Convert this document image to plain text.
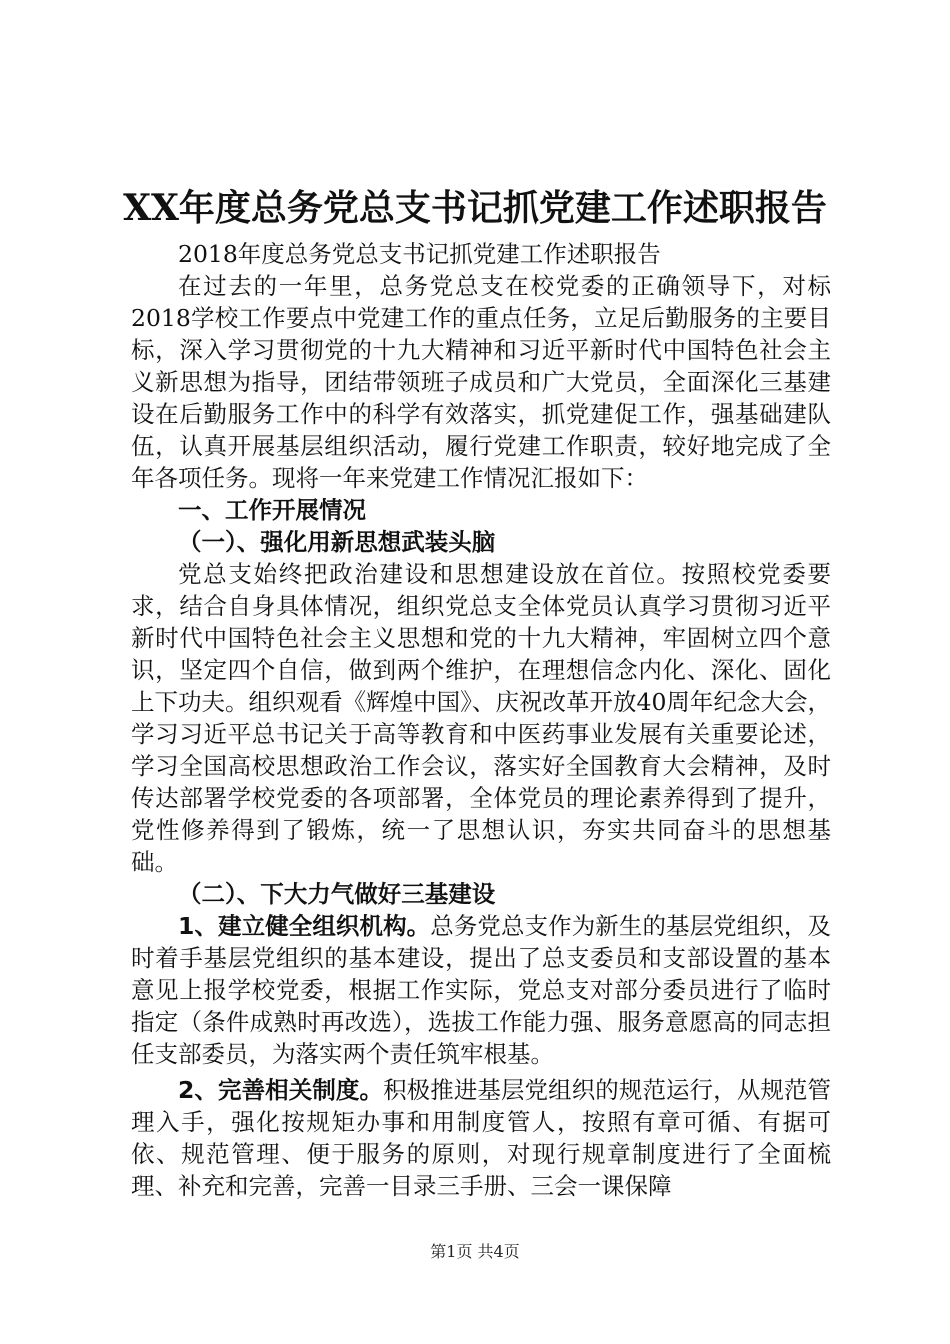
XX年度总务党总支书记抓党建工作述职报告

2018年度总务党总支书记抓党建工作述职报告

在过去的一年里，总务党总支在校党委的正确领导下，对标2018学校工作要点中党建工作的重点任务，立足后勤服务的主要目标，深入学习贯彻党的十九大精神和习近平新时代中国特色社会主义新思想为指导，团结带领班子成员和广大党员，全面深化三基建设在后勤服务工作中的科学有效落实，抓党建促工作，强基础建队伍，认真开展基层组织活动，履行党建工作职责，较好地完成了全年各项任务。现将一年来党建工作情况汇报如下：

一、工作开展情况

（一）、强化用新思想武装头脑

党总支始终把政治建设和思想建设放在首位。按照校党委要求，结合自身具体情况，组织党总支全体党员认真学习贯彻习近平新时代中国特色社会主义思想和党的十九大精神，牢固树立四个意识，坚定四个自信，做到两个维护，在理想信念内化、深化、固化上下功夫。组织观看《辉煌中国》、庆祝改革开放40周年纪念大会，学习习近平总书记关于高等教育和中医药事业发展有关重要论述，学习全国高校思想政治工作会议，落实好全国教育大会精神，及时传达部署学校党委的各项部署，全体党员的理论素养得到了提升，党性修养得到了锻炼，统一了思想认识，夯实共同奋斗的思想基础。

（二）、下大力气做好三基建设

1、建立健全组织机构。总务党总支作为新生的基层党组织，及时着手基层党组织的基本建设，提出了总支委员和支部设置的基本意见上报学校党委，根据工作实际，党总支对部分委员进行了临时指定（条件成熟时再改选），选拔工作能力强、服务意愿高的同志担任支部委员，为落实两个责任筑牢根基。

2、完善相关制度。积极推进基层党组织的规范运行，从规范管理入手，强化按规矩办事和用制度管人，按照有章可循、有据可依、规范管理、便于服务的原则，对现行规章制度进行了全面梳理、补充和完善，完善一目录三手册、三会一课保障

第1页 共4页
